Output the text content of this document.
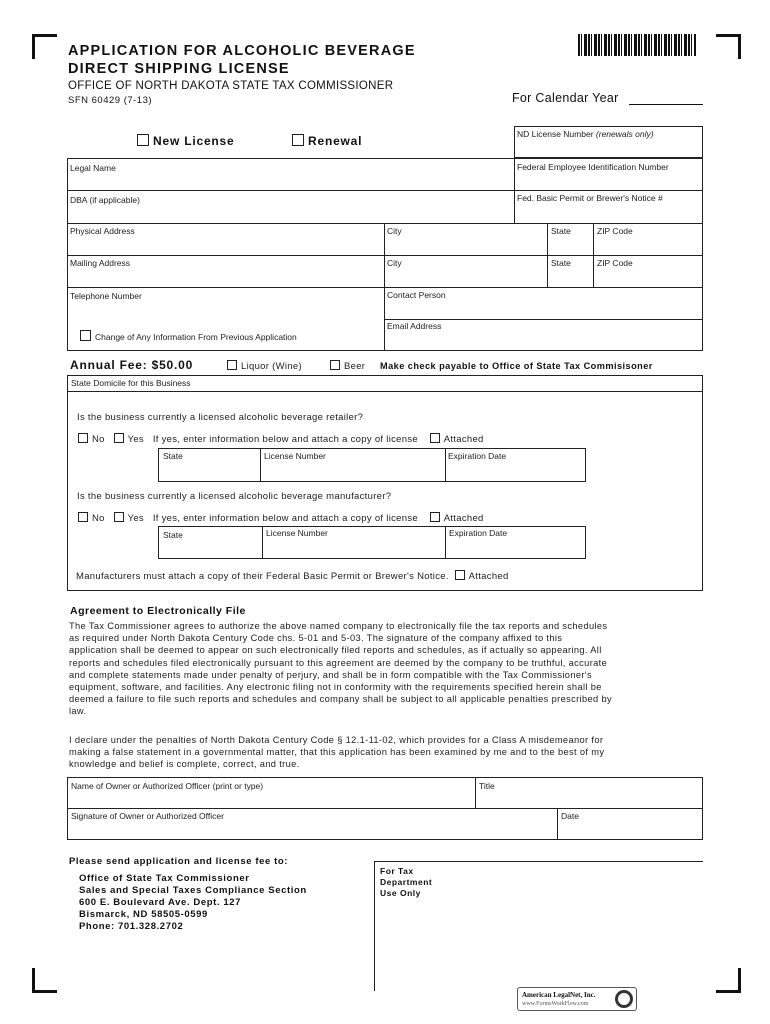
APPLICATION FOR ALCOHOLIC BEVERAGE
DIRECT SHIPPING LICENSE
OFFICE OF NORTH DAKOTA STATE TAX COMMISSIONER
SFN 60429 (7-13)	For Calendar Year
New License	Renewal	ND License Number (renewals only)
Legal Name	Federal Employee Identification Number
DBA (if applicable)	Fed. Basic Permit or Brewer's Notice #
Physical Address	City	State	ZIP Code
Mailing Address	City	State	ZIP Code
Telephone Number	Contact Person
Email Address
Change of Any Information From Previous Application
Annual Fee: $50.00	Liquor (Wine)	Beer Make check payable to Office of State Tax Commisisoner
State Domicile for this Business
Is the business currently a licensed alcoholic beverage retailer?
No Yes If yes, enter information below and attach a copy of license	Attached
State	License Number	Expiration Date
Is the business currently a licensed alcoholic beverage manufacturer?
No Yes If yes, enter information below and attach a copy of license	Attached
State	License Number	Expiration Date
Manufacturers must attach a copy of their Federal Basic Permit or Brewer's Notice. Attached
Agreement to Electronically File
The Tax Commissioner agrees to authorize the above named company to electronically file the tax reports and schedules
as required under North Dakota Century Code chs. 5-01 and 5-03. The signature of the company affixed to this
application shall be deemed to appear on such electronically filed reports and schedules, as if actually so appearing. All
reports and schedules filed electronically pursuant to this agreement are deemed by the company to be truthful, accurate
and complete statements made under penalty of perjury, and shall be in form compatible with the Tax Commissioner's
equipment, software, and facilities. Any electronic filing not in conformity with the requirements specified herein shall be
deemed a failure to file such reports and schedules and company shall be subject to all applicable penalties prescribed by
law.
I declare under the penalties of North Dakota Century Code § 12.1-11-02, which provides for a Class A misdemeanor for
making a false statement in a governmental matter, that this application has been examined by me and to the best of my
knowledge and belief is complete, correct, and true.
Name of Owner or Authorized Officer (print or type)	Title
Signature of Owner or Authorized Officer	Date
Please send application and license fee to:
Office of State Tax Commissioner
Sales and Special Taxes Compliance Section
600 E. Boulevard Ave. Dept. 127
Bismarck, ND 58505-0599
Phone: 701.328.2702
For Tax
Department
Use Only
American LegalNet, Inc.
www.FormsWorkFlow.com
